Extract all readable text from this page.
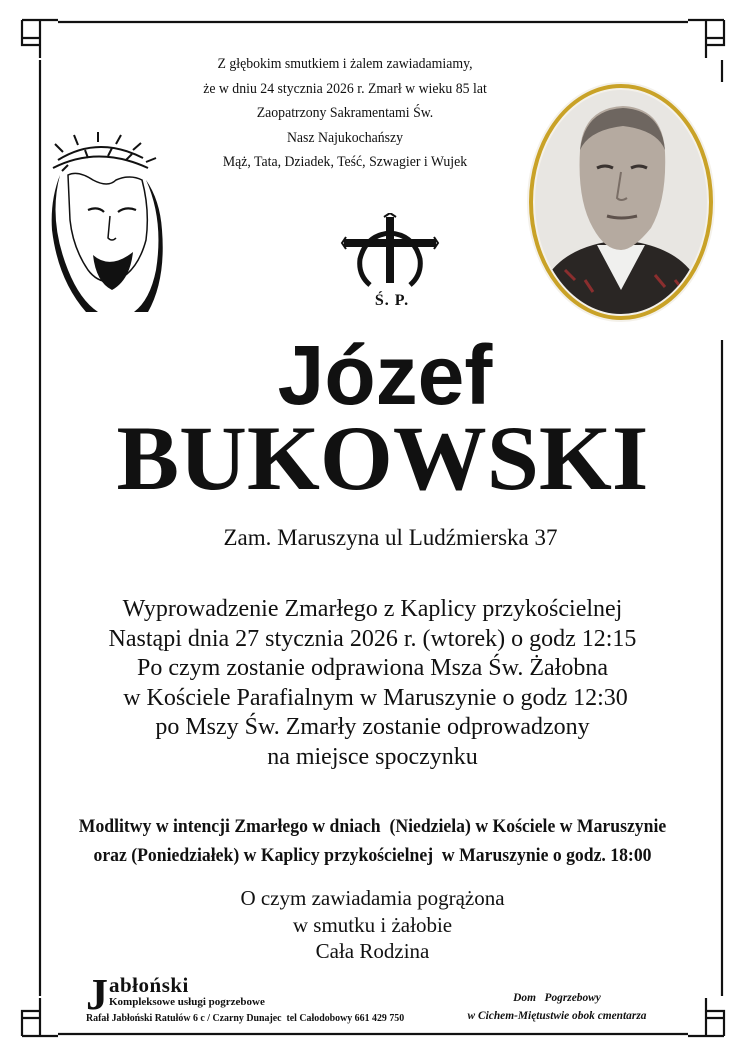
Z głębokim smutkiem i żalem zawiadamiamy,
że w dniu 24 stycznia 2026 r. Zmarł w wieku 85 lat
Zaopatrzony Sakramentami Św.
Nasz Najukochańszy
Mąż, Tata, Dziadek, Teść, Szwagier i Wujek
Ś. P.
Józef
BUKOWSKI
Zam. Maruszyna ul Ludźmierska 37
Wyprowadzenie Zmarłego z Kaplicy przykościelnej
Nastąpi dnia 27 stycznia 2026 r. (wtorek) o godz 12:15
Po czym zostanie odprawiona Msza Św. Żałobna
w Kościele Parafialnym w Maruszynie o godz 12:30
po Mszy Św. Zmarły zostanie odprowadzony
na miejsce spoczynku
Modlitwy w intencji Zmarłego w dniach  (Niedziela) w Kościele w Maruszynie
oraz (Poniedziałek) w Kaplicy przykościelnej  w Maruszynie o godz. 18:00
O czym zawiadamia pogrążona
w smutku i żałobie
Cała Rodzina
J abłoński
Kompleksowe usługi pogrzebowe
Rafał Jabłoński Ratułów 6 c / Czarny Dunajec  tel Całodobowy 661 429 750
Dom   Pogrzebowy
w Cichem-Miętustwie obok cmentarza
